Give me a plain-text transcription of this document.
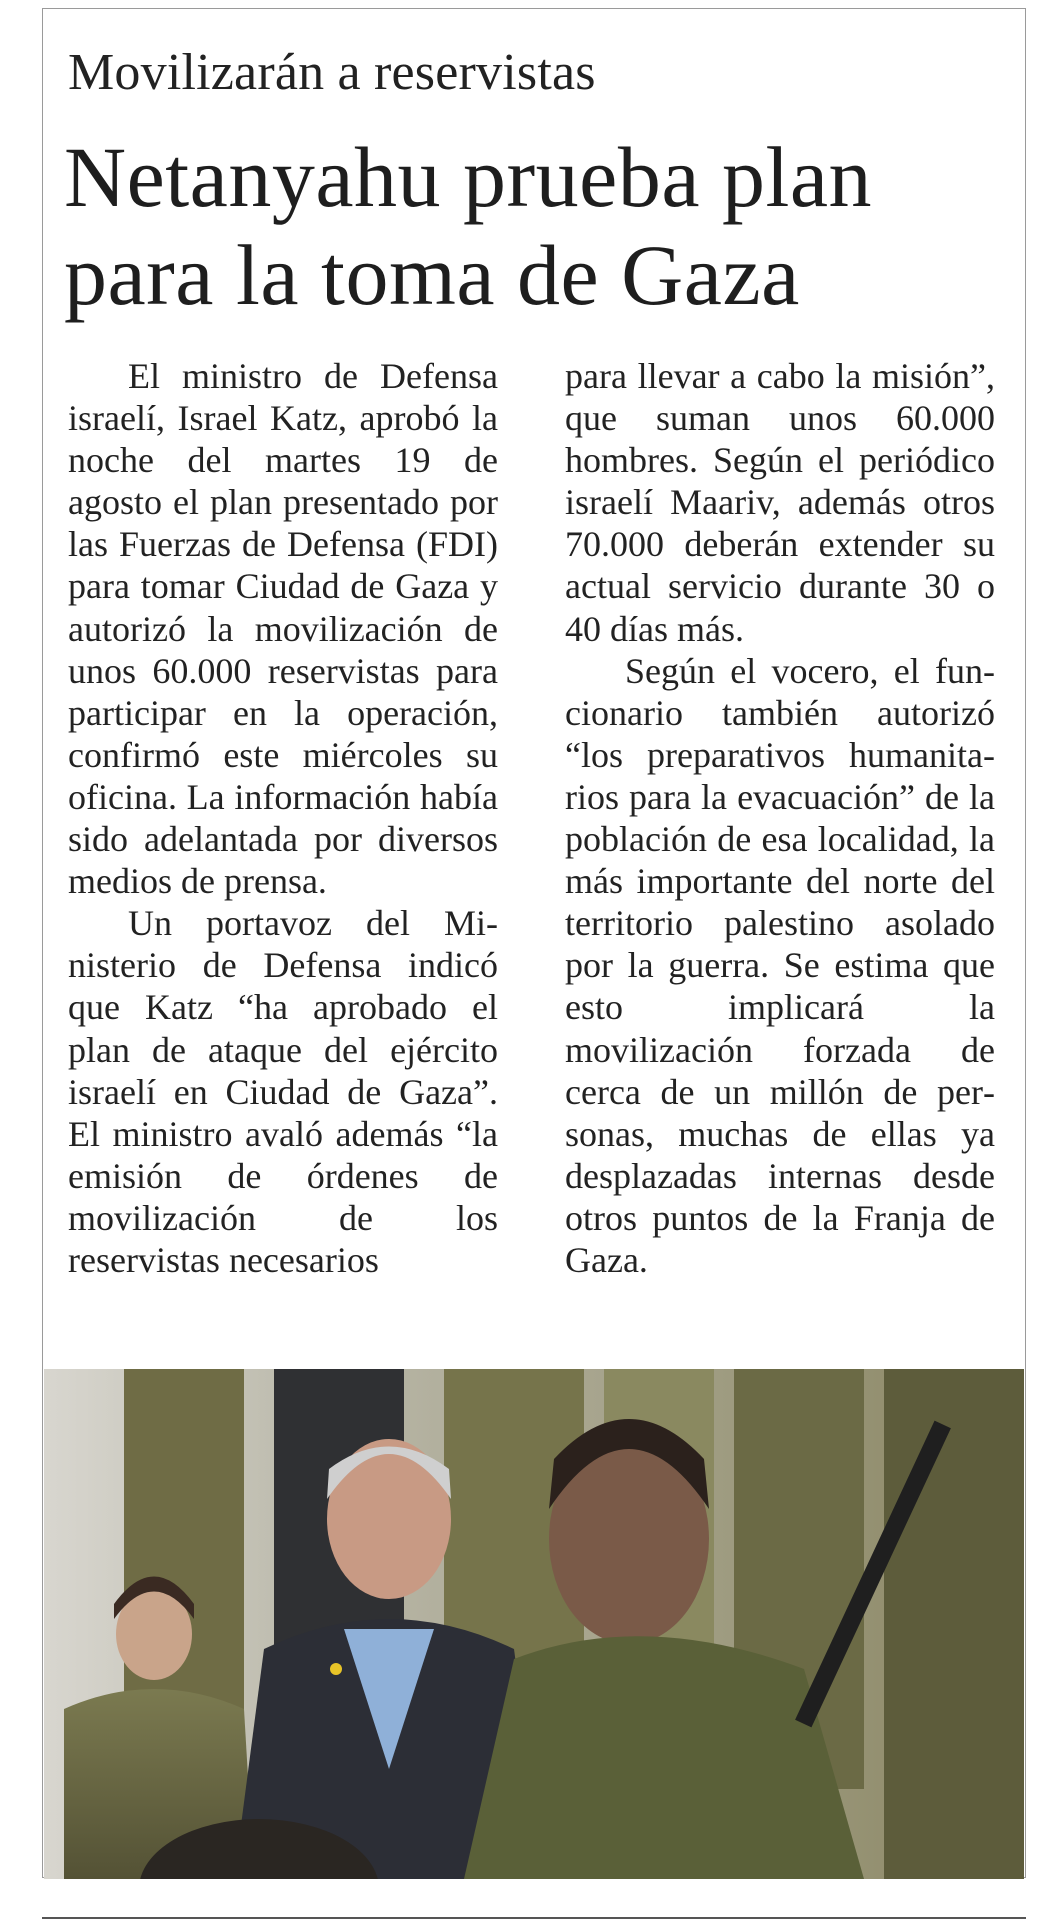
Movilizarán a reservistas
Netanyahu prueba plan
para la toma de Gaza

El ministro de Defensa israelí, Israel Katz, aprobó la noche del martes 19 de agosto el plan presentado por las Fuerzas de Defensa (FDI) para tomar Ciudad de Gaza y autorizó la movilización de unos 60.000 reservistas para participar en la operación, confirmó este miércoles su oficina. La información había sido adelantada por diversos medios de prensa.

Un portavoz del Ministerio de Defensa indicó que Katz “ha aprobado el plan de ataque del ejército israelí en Ciudad de Gaza”. El ministro avaló además “la emisión de órdenes de movilización de los reservistas necesarios

para llevar a cabo la misión”, que suman unos 60.000 hombres. Según el periódico israelí Maariv, además otros 70.000 deberán extender su actual servicio durante 30 o 40 días más.

Según el vocero, el funcionario también autorizó “los preparativos humanitarios para la evacuación” de la población de esa localidad, la más importante del norte del territorio palestino asolado por la guerra. Se estima que esto implicará la movilización forzada de cerca de un millón de personas, muchas de ellas ya desplazadas internas desde otros puntos de la Franja de Gaza.
